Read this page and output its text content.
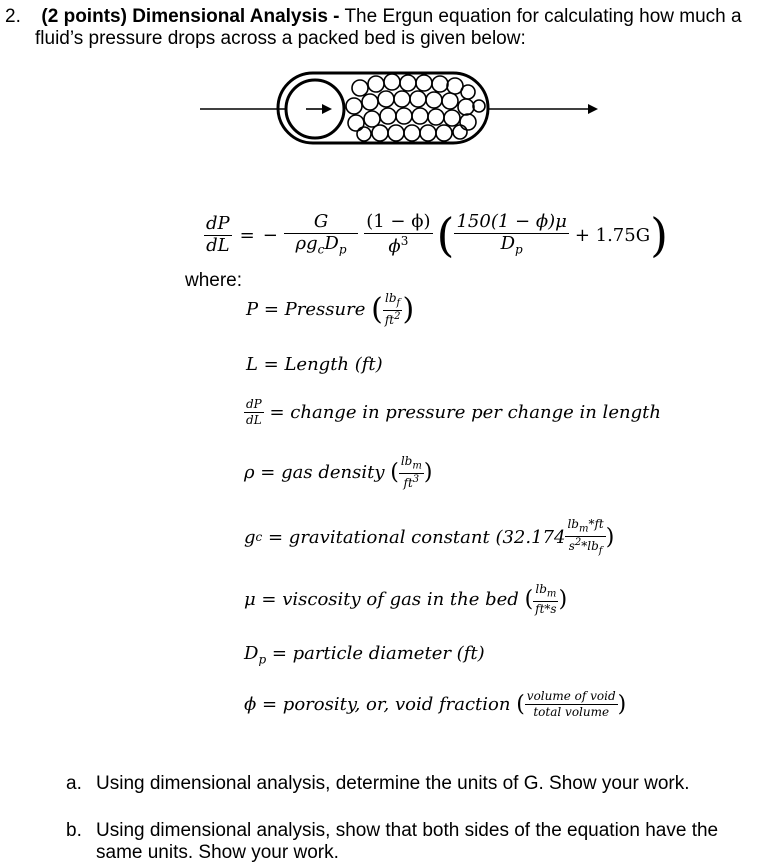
2. (2 points) Dimensional Analysis - The Ergun equation for calculating how much a
fluid’s pressure drops across a packed bed is given below:
$\frac{dP}{dL}$ = − $\frac{G}{\rho g_cD_p} \frac{(1 - \phi)}{\phi^3}$ ( $\frac{150(1 - \phi)\mu}{D_p} + 1.75G$ )
where:
P
= Pressure
( $\frac{lb_f}{ft^2}$ )
L = Length (ft)
$\frac{dP}{dL}$
= change in pressure per change in length
ρ = gas density
( $\frac{lb_m}{ft^3}$ )
g c
= gravitational constant ($32.174 \frac{lb_m*ft}{s^2*lb_f}$ )
μ = viscosity of gas in the bed
( $\frac{lb_m}{ft*s}$ )
$D_p$ = particle diameter (ft)
ϕ = porosity, or, void fraction
( $\frac{\text{volume of void}}{\text{total volume}}$ )
a. Using dimensional analysis, determine the units of G. Show your work.
b. Using dimensional analysis, show that both sides of the equation have the
same units. Show your work.
